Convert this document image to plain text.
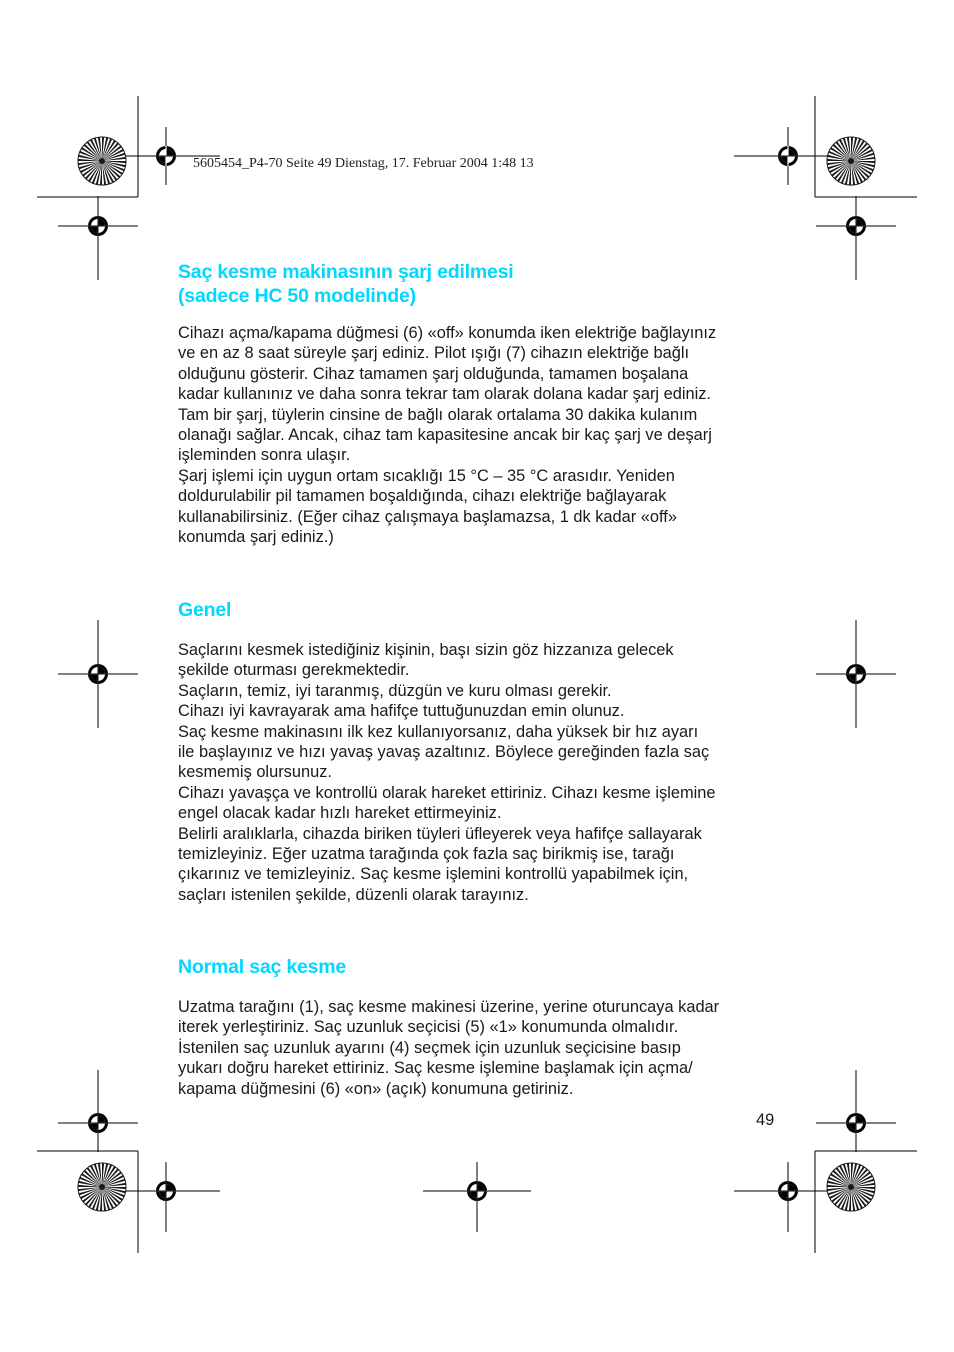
5605454_P4-70 Seite 49 Dienstag, 17. Februar 2004 1:48 13
Saç kesme makinasının şarj edilmesi
(sadece HC 50 modelinde)
Cihazı açma/kapama düğmesi (6) «off» konumda iken elektriğe bağlayınız
ve en az 8 saat süreyle şarj ediniz. Pilot ışığı (7) cihazın elektriğe bağlı
olduğunu gösterir. Cihaz tamamen şarj olduğunda, tamamen boşalana
kadar kullanınız ve daha sonra tekrar tam olarak dolana kadar şarj ediniz.
Tam bir şarj, tüylerin cinsine de bağlı olarak ortalama 30 dakika kulanım
olanağı sağlar. Ancak, cihaz tam kapasitesine ancak bir kaç şarj ve deşarj
işleminden sonra ulaşır.
Şarj işlemi için uygun ortam sıcaklığı 15 °C – 35 °C arasıdır. Yeniden
doldurulabilir pil tamamen boşaldığında, cihazı elektriğe bağlayarak
kullanabilirsiniz. (Eğer cihaz çalışmaya başlamazsa, 1 dk kadar «off»
konumda şarj ediniz.)
Genel
Saçlarını kesmek istediğiniz kişinin, başı sizin göz hizzanıza gelecek
şekilde oturması gerekmektedir.
Saçların, temiz, iyi taranmış, düzgün ve kuru olması gerekir.
Cihazı iyi kavrayarak ama hafifçe tuttuğunuzdan emin olunuz.
Saç kesme makinasını ilk kez kullanıyorsanız, daha yüksek bir hız ayarı
ile başlayınız ve hızı yavaş yavaş azaltınız. Böylece gereğinden fazla saç
kesmemiş olursunuz.
Cihazı yavaşça ve kontrollü olarak hareket ettiriniz. Cihazı kesme işlemine
engel olacak kadar hızlı hareket ettirmeyiniz.
Belirli aralıklarla, cihazda biriken tüyleri üfleyerek veya hafifçe sallayarak
temizleyiniz. Eğer uzatma tarağında çok fazla saç birikmiş ise, tarağı
çıkarınız ve temizleyiniz. Saç kesme işlemini kontrollü yapabilmek için,
saçları istenilen şekilde, düzenli olarak tarayınız.
Normal saç kesme
Uzatma tarağını (1), saç kesme makinesi üzerine, yerine oturuncaya kadar
iterek yerleştiriniz. Saç uzunluk seçicisi (5) «1» konumunda olmalıdır.
İstenilen saç uzunluk ayarını (4) seçmek için uzunluk seçicisine basıp
yukarı doğru hareket ettiriniz. Saç kesme işlemine başlamak için açma/
kapama düğmesini (6) «on» (açık) konumuna getiriniz.
49
